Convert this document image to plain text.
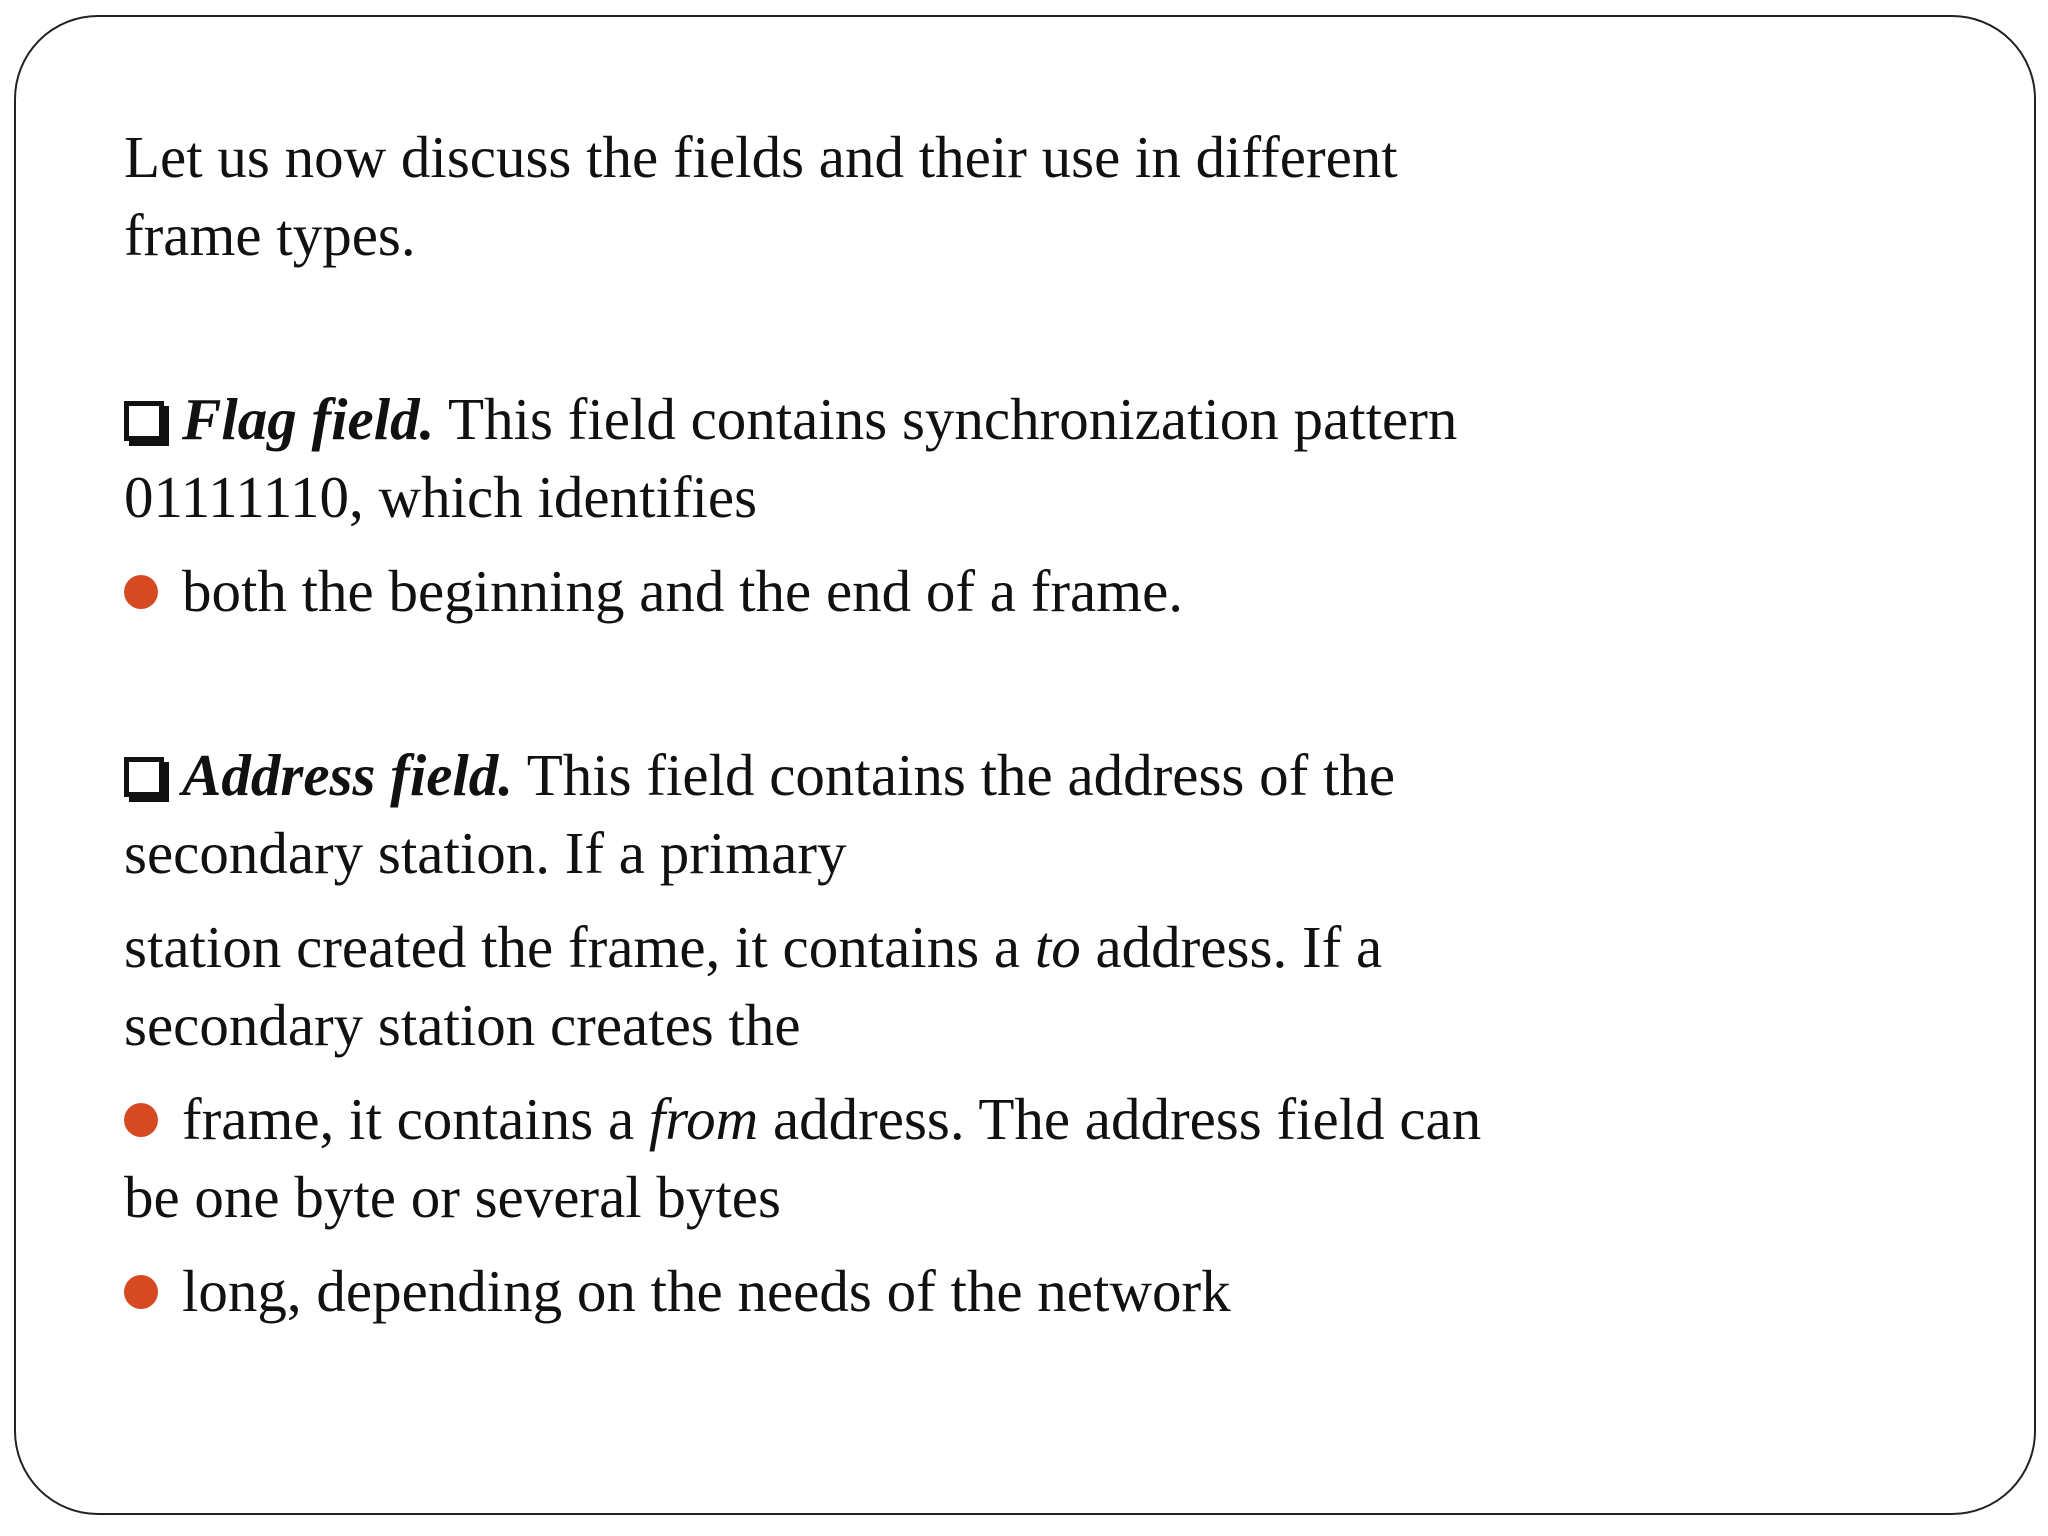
Let us now discuss the fields and their use in different
frame types.

Flag field. This field contains synchronization pattern
01111110, which identifies
both the beginning and the end of a frame.
Address field. This field contains the address of the
secondary station. If a primary
station created the frame, it contains a to address. If a
secondary station creates the
frame, it contains a from address. The address field can
be one byte or several bytes
long, depending on the needs of the network
